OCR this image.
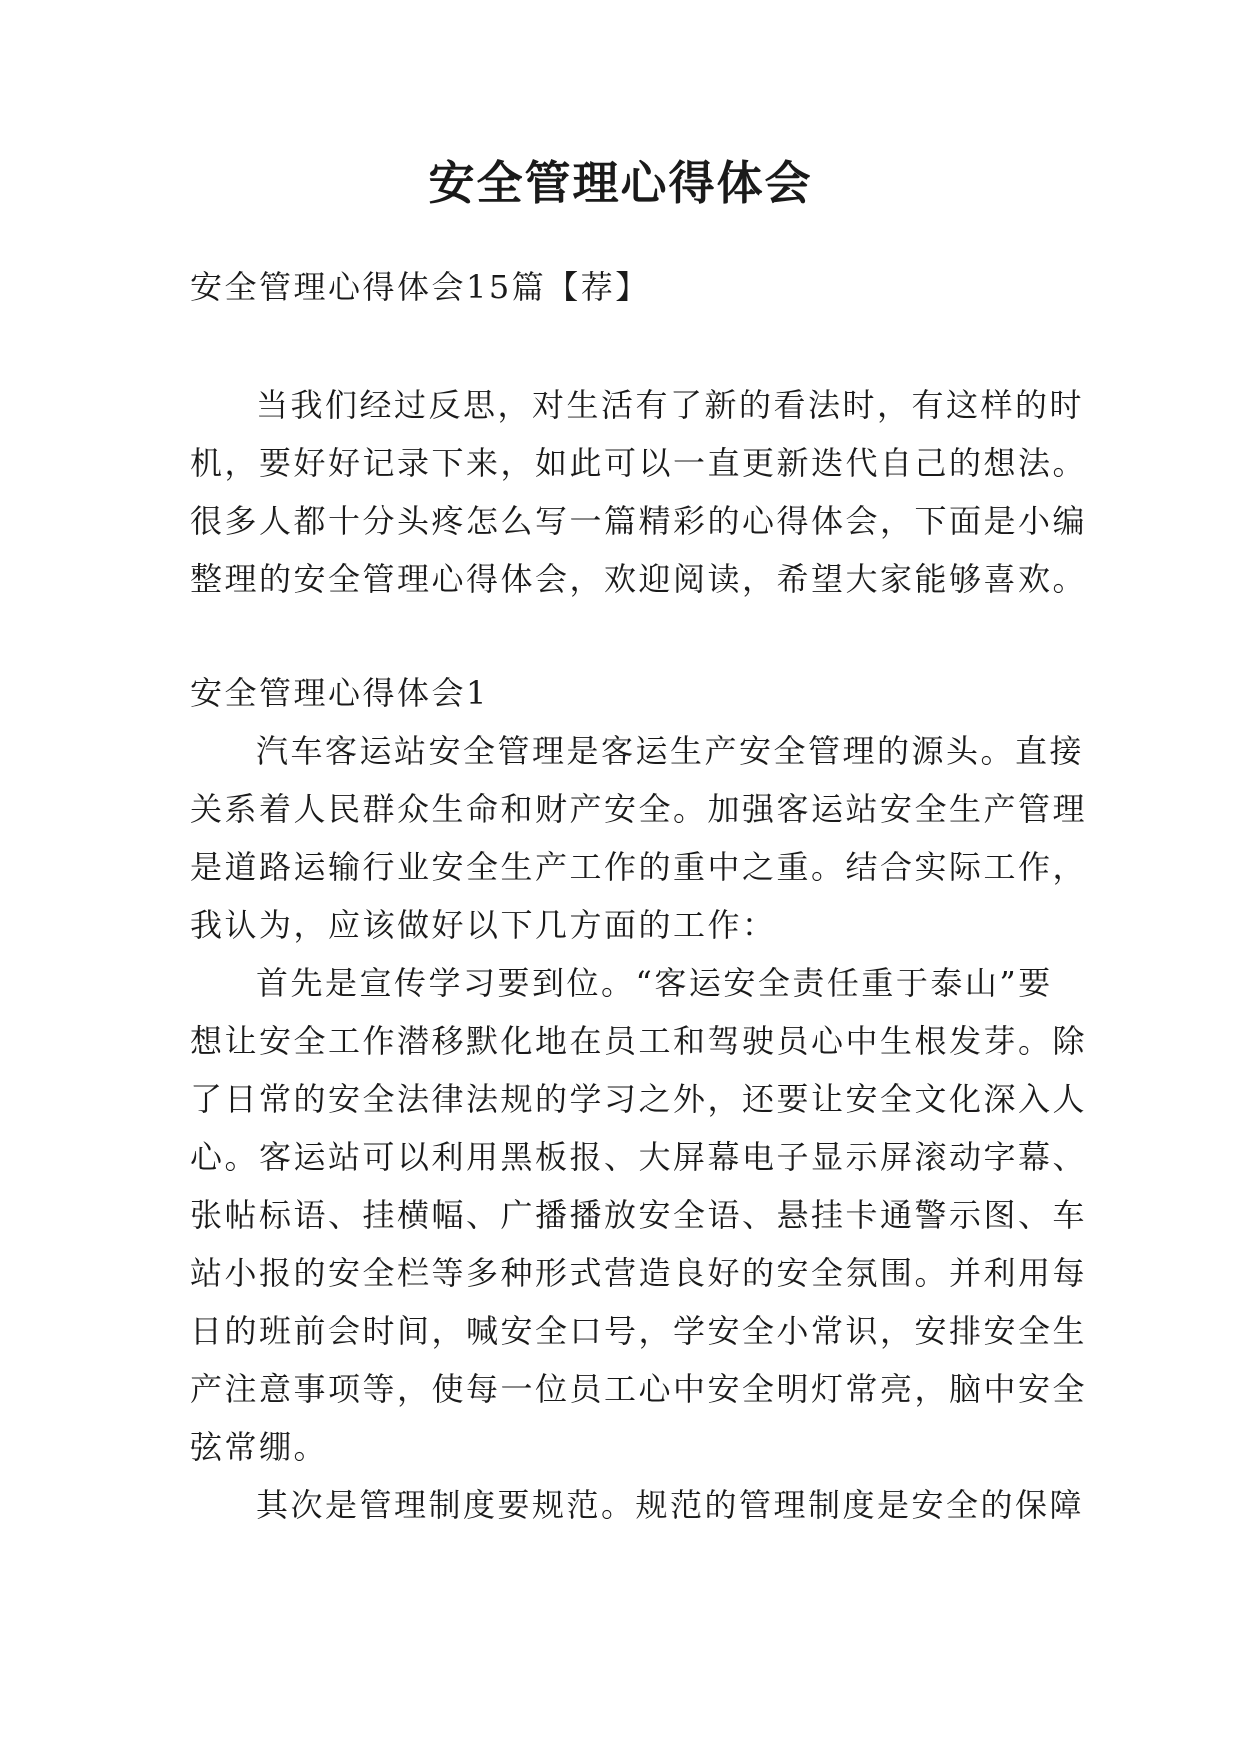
安全管理心得体会
安全管理心得体会15篇【荐】
当我们经过反思，对生活有了新的看法时，有这样的时
机，要好好记录下来，如此可以一直更新迭代自己的想法。
很多人都十分头疼怎么写一篇精彩的心得体会，下面是小编
整理的安全管理心得体会，欢迎阅读，希望大家能够喜欢。
安全管理心得体会1
汽车客运站安全管理是客运生产安全管理的源头。直接
关系着人民群众生命和财产安全。加强客运站安全生产管理
是道路运输行业安全生产工作的重中之重。结合实际工作，
我认为，应该做好以下几方面的工作：
首先是宣传学习要到位。“客运安全责任重于泰山”要
想让安全工作潜移默化地在员工和驾驶员心中生根发芽。除
了日常的安全法律法规的学习之外，还要让安全文化深入人
心。客运站可以利用黑板报、大屏幕电子显示屏滚动字幕、
张帖标语、挂横幅、广播播放安全语、悬挂卡通警示图、车
站小报的安全栏等多种形式营造良好的安全氛围。并利用每
日的班前会时间，喊安全口号，学安全小常识，安排安全生
产注意事项等，使每一位员工心中安全明灯常亮，脑中安全
弦常绷。
其次是管理制度要规范。规范的管理制度是安全的保障
